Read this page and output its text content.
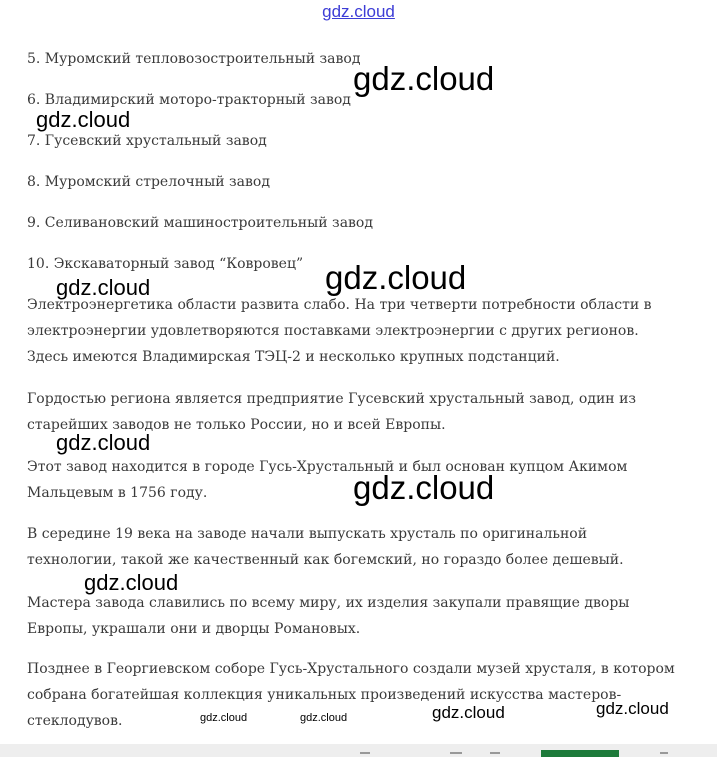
gdz.cloud

5. Муромский тепловозостроительный завод

6. Владимирский моторо-тракторный завод

7. Гусевский хрустальный завод

8. Муромский стрелочный завод

9. Селивановский машиностроительный завод

10. Экскаваторный завод “Ковровец”

Электроэнергетика области развита слабо. На три четверти потребности области в электроэнергии удовлетворяются поставками электроэнергии с других регионов. Здесь имеются Владимирская ТЭЦ-2 и несколько крупных подстанций.

Гордостью региона является предприятие Гусевский хрустальный завод, один из старейших заводов не только России, но и всей Европы.

Этот завод находится в городе Гусь-Хрустальный и был основан купцом Акимом Мальцевым в 1756 году.

В середине 19 века на заводе начали выпускать хрусталь по оригинальной технологии, такой же качественный как богемский, но гораздо более дешевый.

Мастера завода славились по всему миру, их изделия закупали правящие дворы Европы, украшали они и дворцы Романовых.

Позднее в Георгиевском соборе Гусь-Хрустального создали музей хрусталя, в котором собрана богатейшая коллекция уникальных произведений искусства мастеров-стеклодувов.

gdz.cloud
gdz.cloud
gdz.cloud
gdz.cloud
gdz.cloud
gdz.cloud
gdz.cloud
gdz.cloud	gdz.cloud	gdz.cloud	gdz.cloud
